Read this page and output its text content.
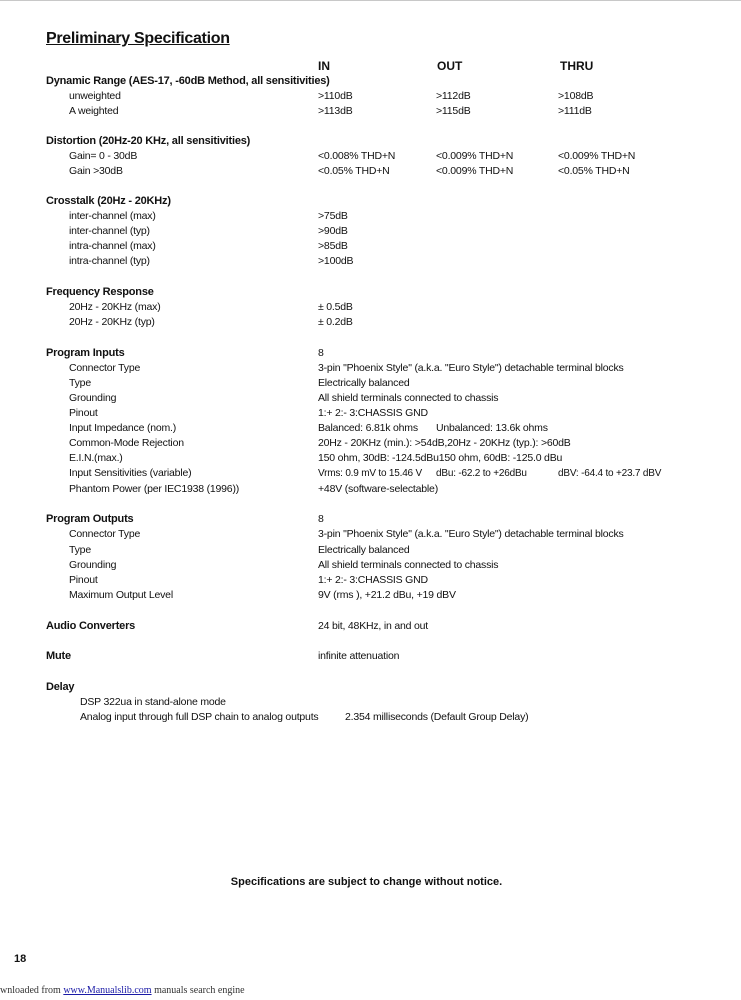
Preliminary Specification
IN	OUT	THRU
Dynamic Range (AES-17, -60dB Method, all sensitivities)
unweighted	>110dB	>112dB	>108dB
A weighted	>113dB	>115dB	>111dB
Distortion (20Hz-20 KHz, all sensitivities)
Gain= 0 - 30dB	<0.008% THD+N	<0.009% THD+N	<0.009% THD+N
Gain >30dB	<0.05% THD+N	<0.009% THD+N	<0.05% THD+N
Crosstalk (20Hz - 20KHz)
inter-channel (max)	>75dB
inter-channel (typ)	>90dB
intra-channel (max)	>85dB
intra-channel (typ)	>100dB
Frequency Response
20Hz - 20KHz (max)	± 0.5dB
20Hz - 20KHz (typ)	± 0.2dB
Program Inputs	8
Connector Type	3-pin "Phoenix Style" (a.k.a. "Euro Style") detachable terminal blocks
Type	Electrically balanced
Grounding	All shield terminals connected to chassis
Pinout	1:+ 2:- 3:CHASSIS GND
Input Impedance (nom.)	Balanced: 6.81k ohms Unbalanced: 13.6k ohms
Common-Mode Rejection	20Hz - 20KHz (min.): >54dB,20Hz - 20KHz (typ.): >60dB
E.I.N.(max.)	150 ohm, 30dB: -124.5dBu150 ohm, 60dB: -125.0 dBu
Input Sensitivities (variable)	Vrms: 0.9 mV to 15.46 V dBu: -62.2 to +26dBu	dBV: -64.4 to +23.7 dBV
Phantom Power (per IEC1938 (1996))	+48V (software-selectable)
Program Outputs	8
Connector Type	3-pin "Phoenix Style" (a.k.a. "Euro Style") detachable terminal blocks
Type	Electrically balanced
Grounding	All shield terminals connected to chassis
Pinout	1:+ 2:- 3:CHASSIS GND
Maximum Output Level	9V (rms ), +21.2 dBu, +19 dBV
Audio Converters	24 bit, 48KHz, in and out
Mute	infinite attenuation
Delay
DSP 322ua in stand-alone mode
Analog input through full DSP chain to analog outputs	2.354 milliseconds (Default Group Delay)
Specifications are subject to change without notice.
18
wnloaded from www.Manualslib.com manuals search engine
